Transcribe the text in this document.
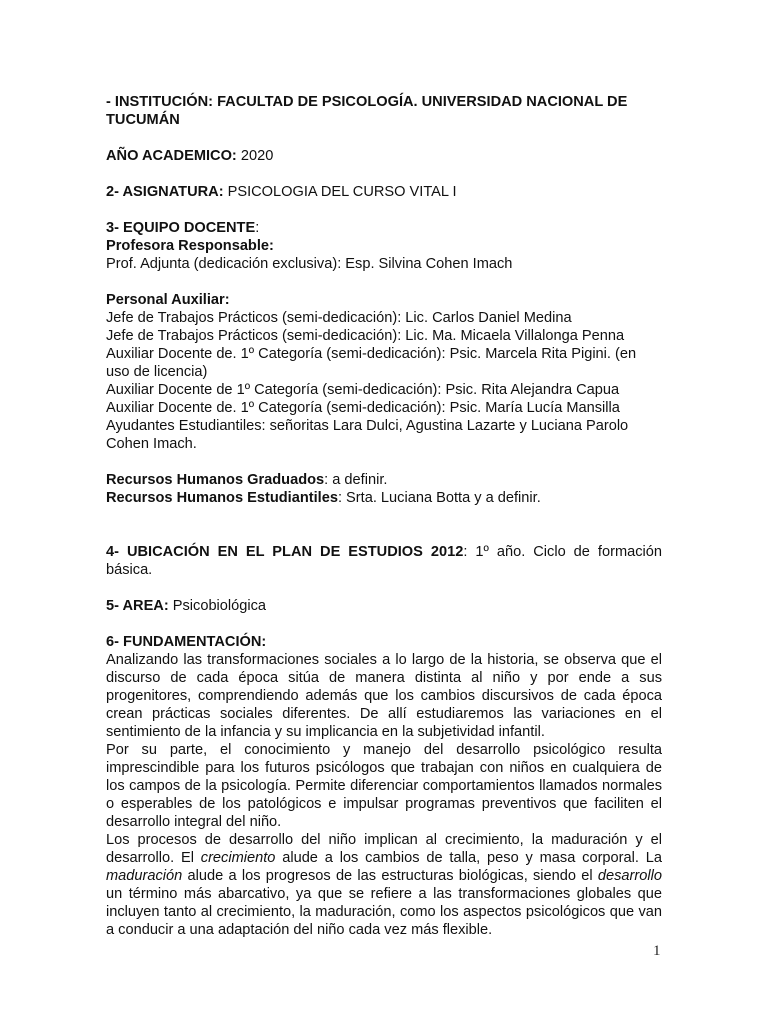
- INSTITUCIÓN: FACULTAD DE PSICOLOGÍA. UNIVERSIDAD NACIONAL DE TUCUMÁN

AÑO ACADEMICO: 2020

2- ASIGNATURA: PSICOLOGIA DEL CURSO VITAL I

3- EQUIPO DOCENTE:

Profesora Responsable:

Prof. Adjunta (dedicación exclusiva): Esp. Silvina Cohen Imach

Personal Auxiliar:

Jefe de Trabajos Prácticos (semi-dedicación): Lic. Carlos Daniel Medina

Jefe de Trabajos Prácticos (semi-dedicación): Lic. Ma. Micaela Villalonga Penna

Auxiliar Docente de. 1º Categoría (semi-dedicación): Psic. Marcela Rita Pigini. (en uso de licencia)

Auxiliar Docente de 1º Categoría (semi-dedicación): Psic. Rita Alejandra Capua

Auxiliar Docente de. 1º Categoría (semi-dedicación): Psic. María Lucía Mansilla

Ayudantes Estudiantiles: señoritas Lara Dulci, Agustina Lazarte y Luciana Parolo Cohen Imach.

Recursos Humanos Graduados: a definir.

Recursos Humanos Estudiantiles: Srta. Luciana Botta y a definir.

4- UBICACIÓN EN EL PLAN DE ESTUDIOS 2012: 1º año. Ciclo de formación básica.

5- AREA: Psicobiológica

6- FUNDAMENTACIÓN:

Analizando las transformaciones sociales a lo largo de la historia, se observa que el discurso de cada época sitúa de manera distinta al niño y por ende a sus progenitores, comprendiendo además que los cambios discursivos de cada época crean prácticas sociales diferentes. De allí estudiaremos las variaciones en el sentimiento de la infancia y su implicancia en la subjetividad infantil.

Por su parte, el conocimiento y manejo del desarrollo psicológico resulta imprescindible para los futuros psicólogos que trabajan con niños en cualquiera de los campos de la psicología. Permite diferenciar comportamientos llamados normales o esperables de los patológicos e impulsar programas preventivos que faciliten el desarrollo integral del niño.

Los procesos de desarrollo del niño implican al crecimiento, la maduración y el desarrollo. El crecimiento alude a los cambios de talla, peso y masa corporal. La maduración alude a los progresos de las estructuras biológicas, siendo el desarrollo un término más abarcativo, ya que se refiere a las transformaciones globales que incluyen tanto al crecimiento, la maduración, como los aspectos psicológicos que van a conducir a una adaptación del niño cada vez más flexible.

1
